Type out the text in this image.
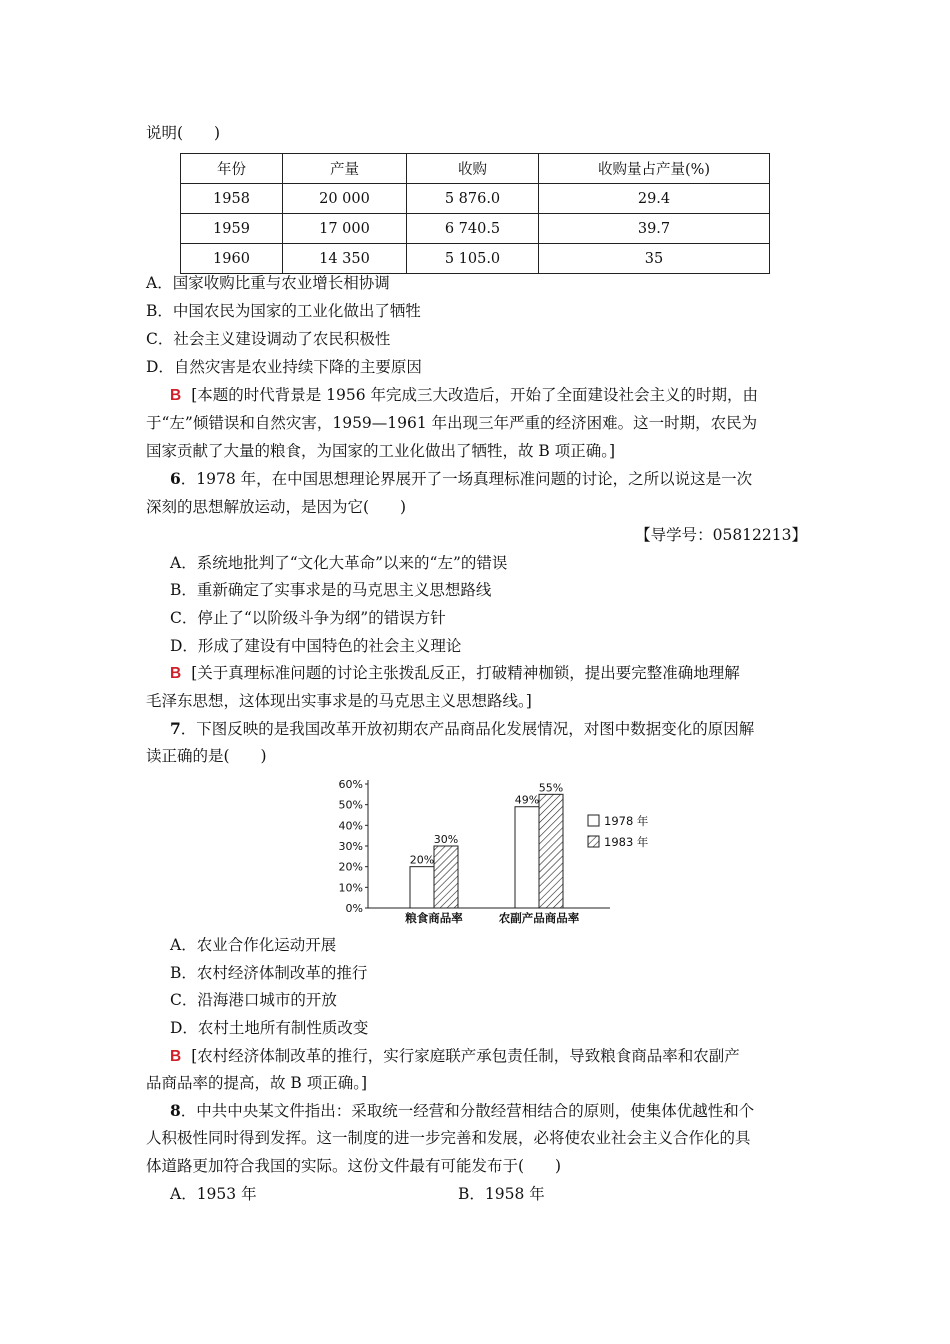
说明(　　)
年份	产量	收购	收购量占产量(%)
1958	20 000	5 876.0	29.4
1959	17 000	6 740.5	39.7
1960	14 350	5 105.0	35
A．国家收购比重与农业增长相协调
B．中国农民为国家的工业化做出了牺牲
C．社会主义建设调动了农民积极性
D．自然灾害是农业持续下降的主要原因
B [本题的时代背景是 1956 年完成三大改造后，开始了全面建设社会主义的时期，由
于“左”倾错误和自然灾害，1959—1961 年出现三年严重的经济困难。这一时期，农民为
国家贡献了大量的粮食，为国家的工业化做出了牺牲，故 B 项正确。]
6．1978 年，在中国思想理论界展开了一场真理标准问题的讨论，之所以说这是一次
深刻的思想解放运动，是因为它(　　)
【导学号：05812213】
A．系统地批判了“文化大革命”以来的“左”的错误
B．重新确定了实事求是的马克思主义思想路线
C．停止了“以阶级斗争为纲”的错误方针
D．形成了建设有中国特色的社会主义理论
B [关于真理标准问题的讨论主张拨乱反正，打破精神枷锁，提出要完整准确地理解
毛泽东思想，这体现出实事求是的马克思主义思想路线。]
7．下图反映的是我国改革开放初期农产品商品化发展情况，对图中数据变化的原因解
读正确的是(　　)
0%
10%
20%
30%
40%
50%
60%
20%
30%
粮食商品率
49%
55%
农副产品商品率
1978 年
1983 年
A．农业合作化运动开展
B．农村经济体制改革的推行
C．沿海港口城市的开放
D．农村土地所有制性质改变
B [农村经济体制改革的推行，实行家庭联产承包责任制，导致粮食商品率和农副产
品商品率的提高，故 B 项正确。]
8．中共中央某文件指出：采取统一经营和分散经营相结合的原则，使集体优越性和个
人积极性同时得到发挥。这一制度的进一步完善和发展，必将使农业社会主义合作化的具
体道路更加符合我国的实际。这份文件最有可能发布于(　　)
A．1953 年	B．1958 年
